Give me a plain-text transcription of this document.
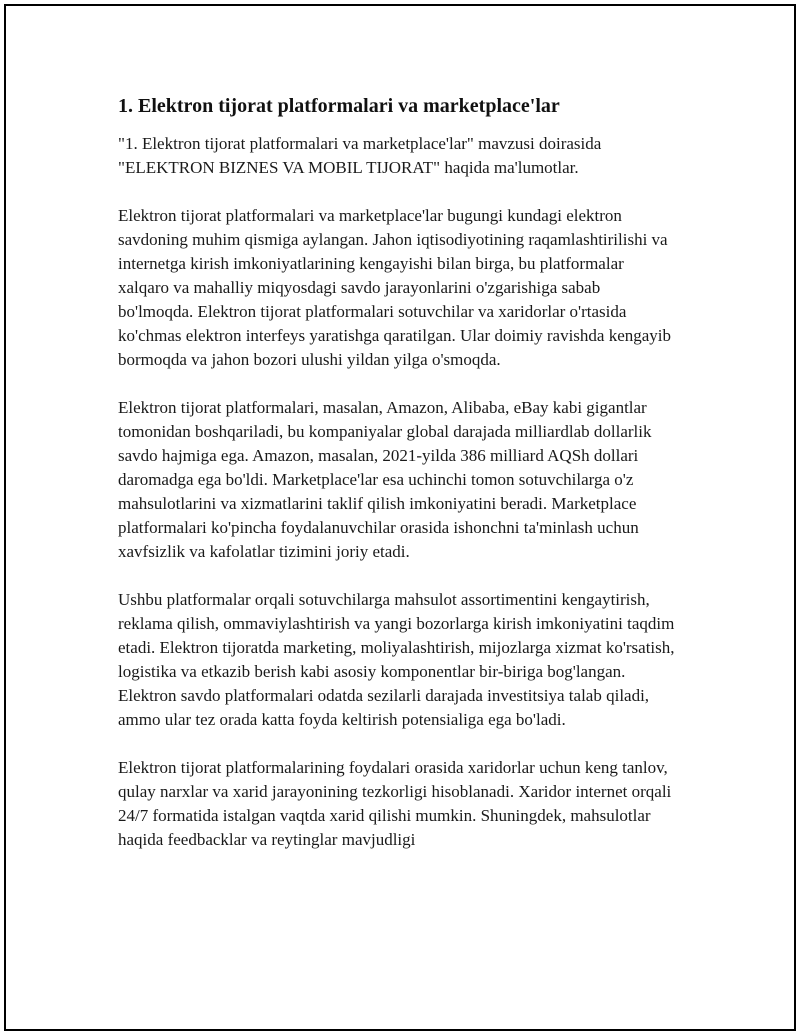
1. Elektron tijorat platformalari va marketplace'lar

"1. Elektron tijorat platformalari va marketplace'lar" mavzusi doirasida "ELEKTRON BIZNES VA MOBIL TIJORAT" haqida ma'lumotlar.

Elektron tijorat platformalari va marketplace'lar bugungi kundagi elektron savdoning muhim qismiga aylangan. Jahon iqtisodiyotining raqamlashtirilishi va internetga kirish imkoniyatlarining kengayishi bilan birga, bu platformalar xalqaro va mahalliy miqyosdagi savdo jarayonlarini o'zgarishiga sabab bo'lmoqda. Elektron tijorat platformalari sotuvchilar va xaridorlar o'rtasida ko'chmas elektron interfeys yaratishga qaratilgan. Ular doimiy ravishda kengayib bormoqda va jahon bozori ulushi yildan yilga o'smoqda.

Elektron tijorat platformalari, masalan, Amazon, Alibaba, eBay kabi gigantlar tomonidan boshqariladi, bu kompaniyalar global darajada milliardlab dollarlik savdo hajmiga ega. Amazon, masalan, 2021-yilda 386 milliard AQSh dollari daromadga ega bo'ldi. Marketplace'lar esa uchinchi tomon sotuvchilarga o'z mahsulotlarini va xizmatlarini taklif qilish imkoniyatini beradi. Marketplace platformalari ko'pincha foydalanuvchilar orasida ishonchni ta'minlash uchun xavfsizlik va kafolatlar tizimini joriy etadi.

Ushbu platformalar orqali sotuvchilarga mahsulot assortimentini kengaytirish, reklama qilish, ommaviylashtirish va yangi bozorlarga kirish imkoniyatini taqdim etadi. Elektron tijoratda marketing, moliyalashtirish, mijozlarga xizmat ko'rsatish, logistika va etkazib berish kabi asosiy komponentlar bir-biriga bog'langan. Elektron savdo platformalari odatda sezilarli darajada investitsiya talab qiladi, ammo ular tez orada katta foyda keltirish potensialiga ega bo'ladi.

Elektron tijorat platformalarining foydalari orasida xaridorlar uchun keng tanlov, qulay narxlar va xarid jarayonining tezkorligi hisoblanadi. Xaridor internet orqali 24/7 formatida istalgan vaqtda xarid qilishi mumkin. Shuningdek, mahsulotlar haqida feedbacklar va reytinglar mavjudligi
